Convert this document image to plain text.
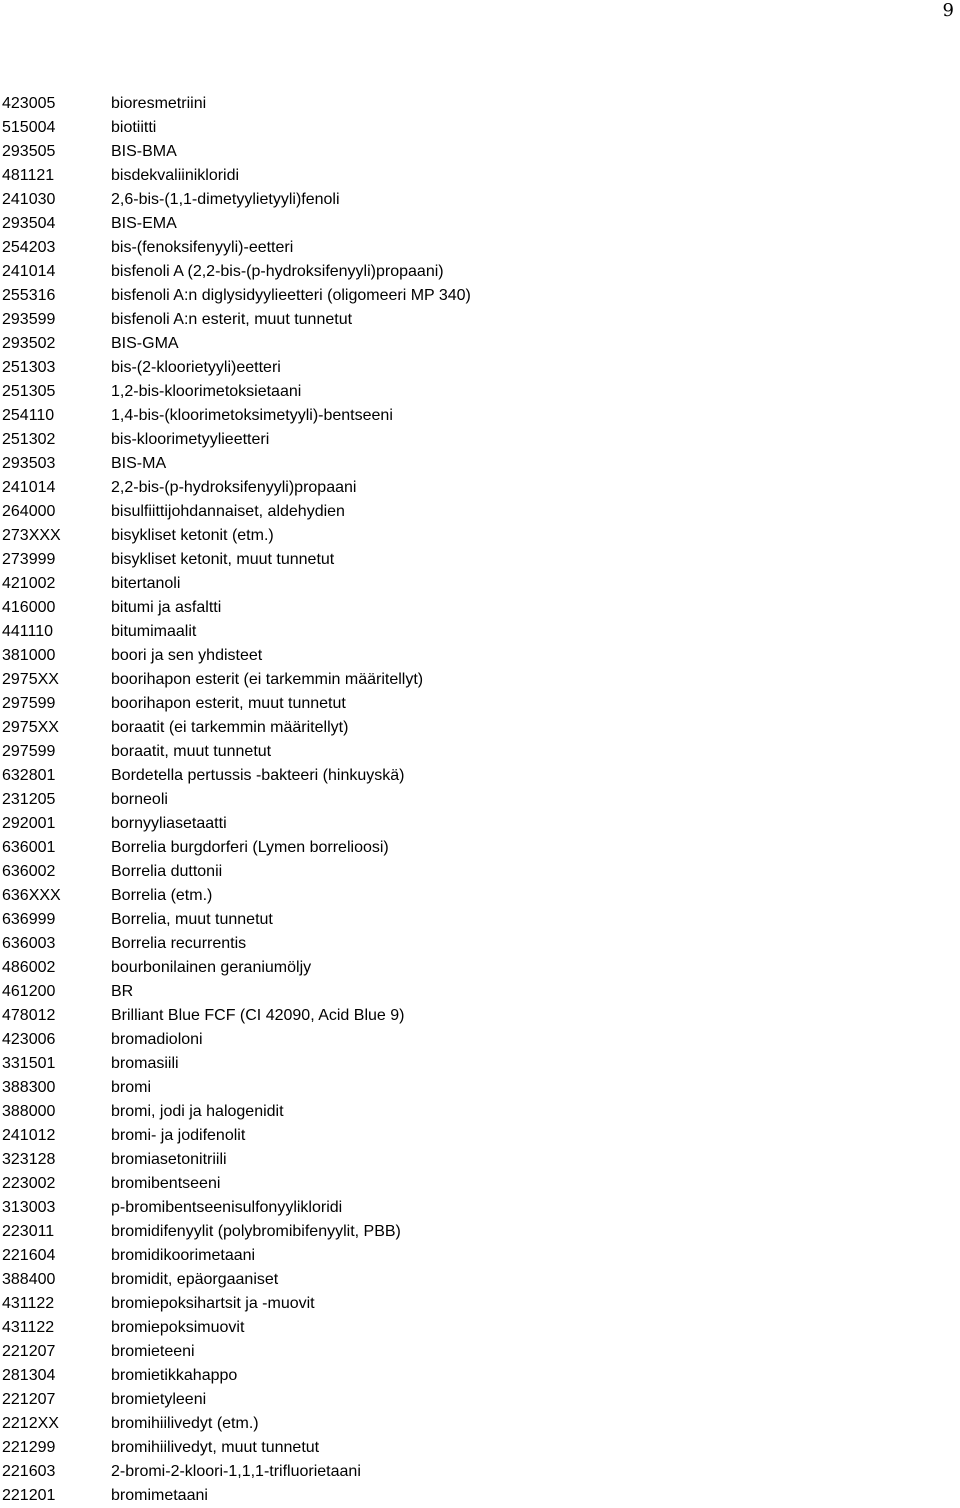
9
423005	bioresmetriini
515004	biotiitti
293505	BIS-BMA
481121	bisdekvaliinikloridi
241030	2,6-bis-(1,1-dimetyylietyyli)fenoli
293504	BIS-EMA
254203	bis-(fenoksifenyyli)-eetteri
241014	bisfenoli A (2,2-bis-(p-hydroksifenyyli)propaani)
255316	bisfenoli A:n diglysidyylieetteri (oligomeeri MP 340)
293599	bisfenoli A:n esterit, muut tunnetut
293502	BIS-GMA
251303	bis-(2-kloorietyyli)eetteri
251305	1,2-bis-kloorimetoksietaani
254110	1,4-bis-(kloorimetoksimetyyli)-bentseeni
251302	bis-kloorimetyylieetteri
293503	BIS-MA
241014	2,2-bis-(p-hydroksifenyyli)propaani
264000	bisulfiittijohdannaiset, aldehydien
273XXX	bisykliset ketonit (etm.)
273999	bisykliset ketonit, muut tunnetut
421002	bitertanoli
416000	bitumi ja asfaltti
441110	bitumimaalit
381000	boori ja sen yhdisteet
2975XX	boorihapon esterit (ei tarkemmin määritellyt)
297599	boorihapon esterit, muut tunnetut
2975XX	boraatit (ei tarkemmin määritellyt)
297599	boraatit, muut tunnetut
632801	Bordetella pertussis -bakteeri (hinkuyskä)
231205	borneoli
292001	bornyyliasetaatti
636001	Borrelia burgdorferi (Lymen borrelioosi)
636002	Borrelia duttonii
636XXX	Borrelia (etm.)
636999	Borrelia, muut tunnetut
636003	Borrelia recurrentis
486002	bourbonilainen geraniumöljy
461200	BR
478012	Brilliant Blue FCF (CI 42090, Acid Blue 9)
423006	bromadioloni
331501	bromasiili
388300	bromi
388000	bromi, jodi ja halogenidit
241012	bromi- ja jodifenolit
323128	bromiasetonitriili
223002	bromibentseeni
313003	p-bromibentseenisulfonyylikloridi
223011	bromidifenyylit (polybromibifenyylit, PBB)
221604	bromidikoorimetaani
388400	bromidit, epäorgaaniset
431122	bromiepoksihartsit ja -muovit
431122	bromiepoksimuovit
221207	bromieteeni
281304	bromietikkahappo
221207	bromietyleeni
2212XX	bromihiilivedyt (etm.)
221299	bromihiilivedyt, muut tunnetut
221603	2-bromi-2-kloori-1,1,1-trifluorietaani
221201	bromimetaani
